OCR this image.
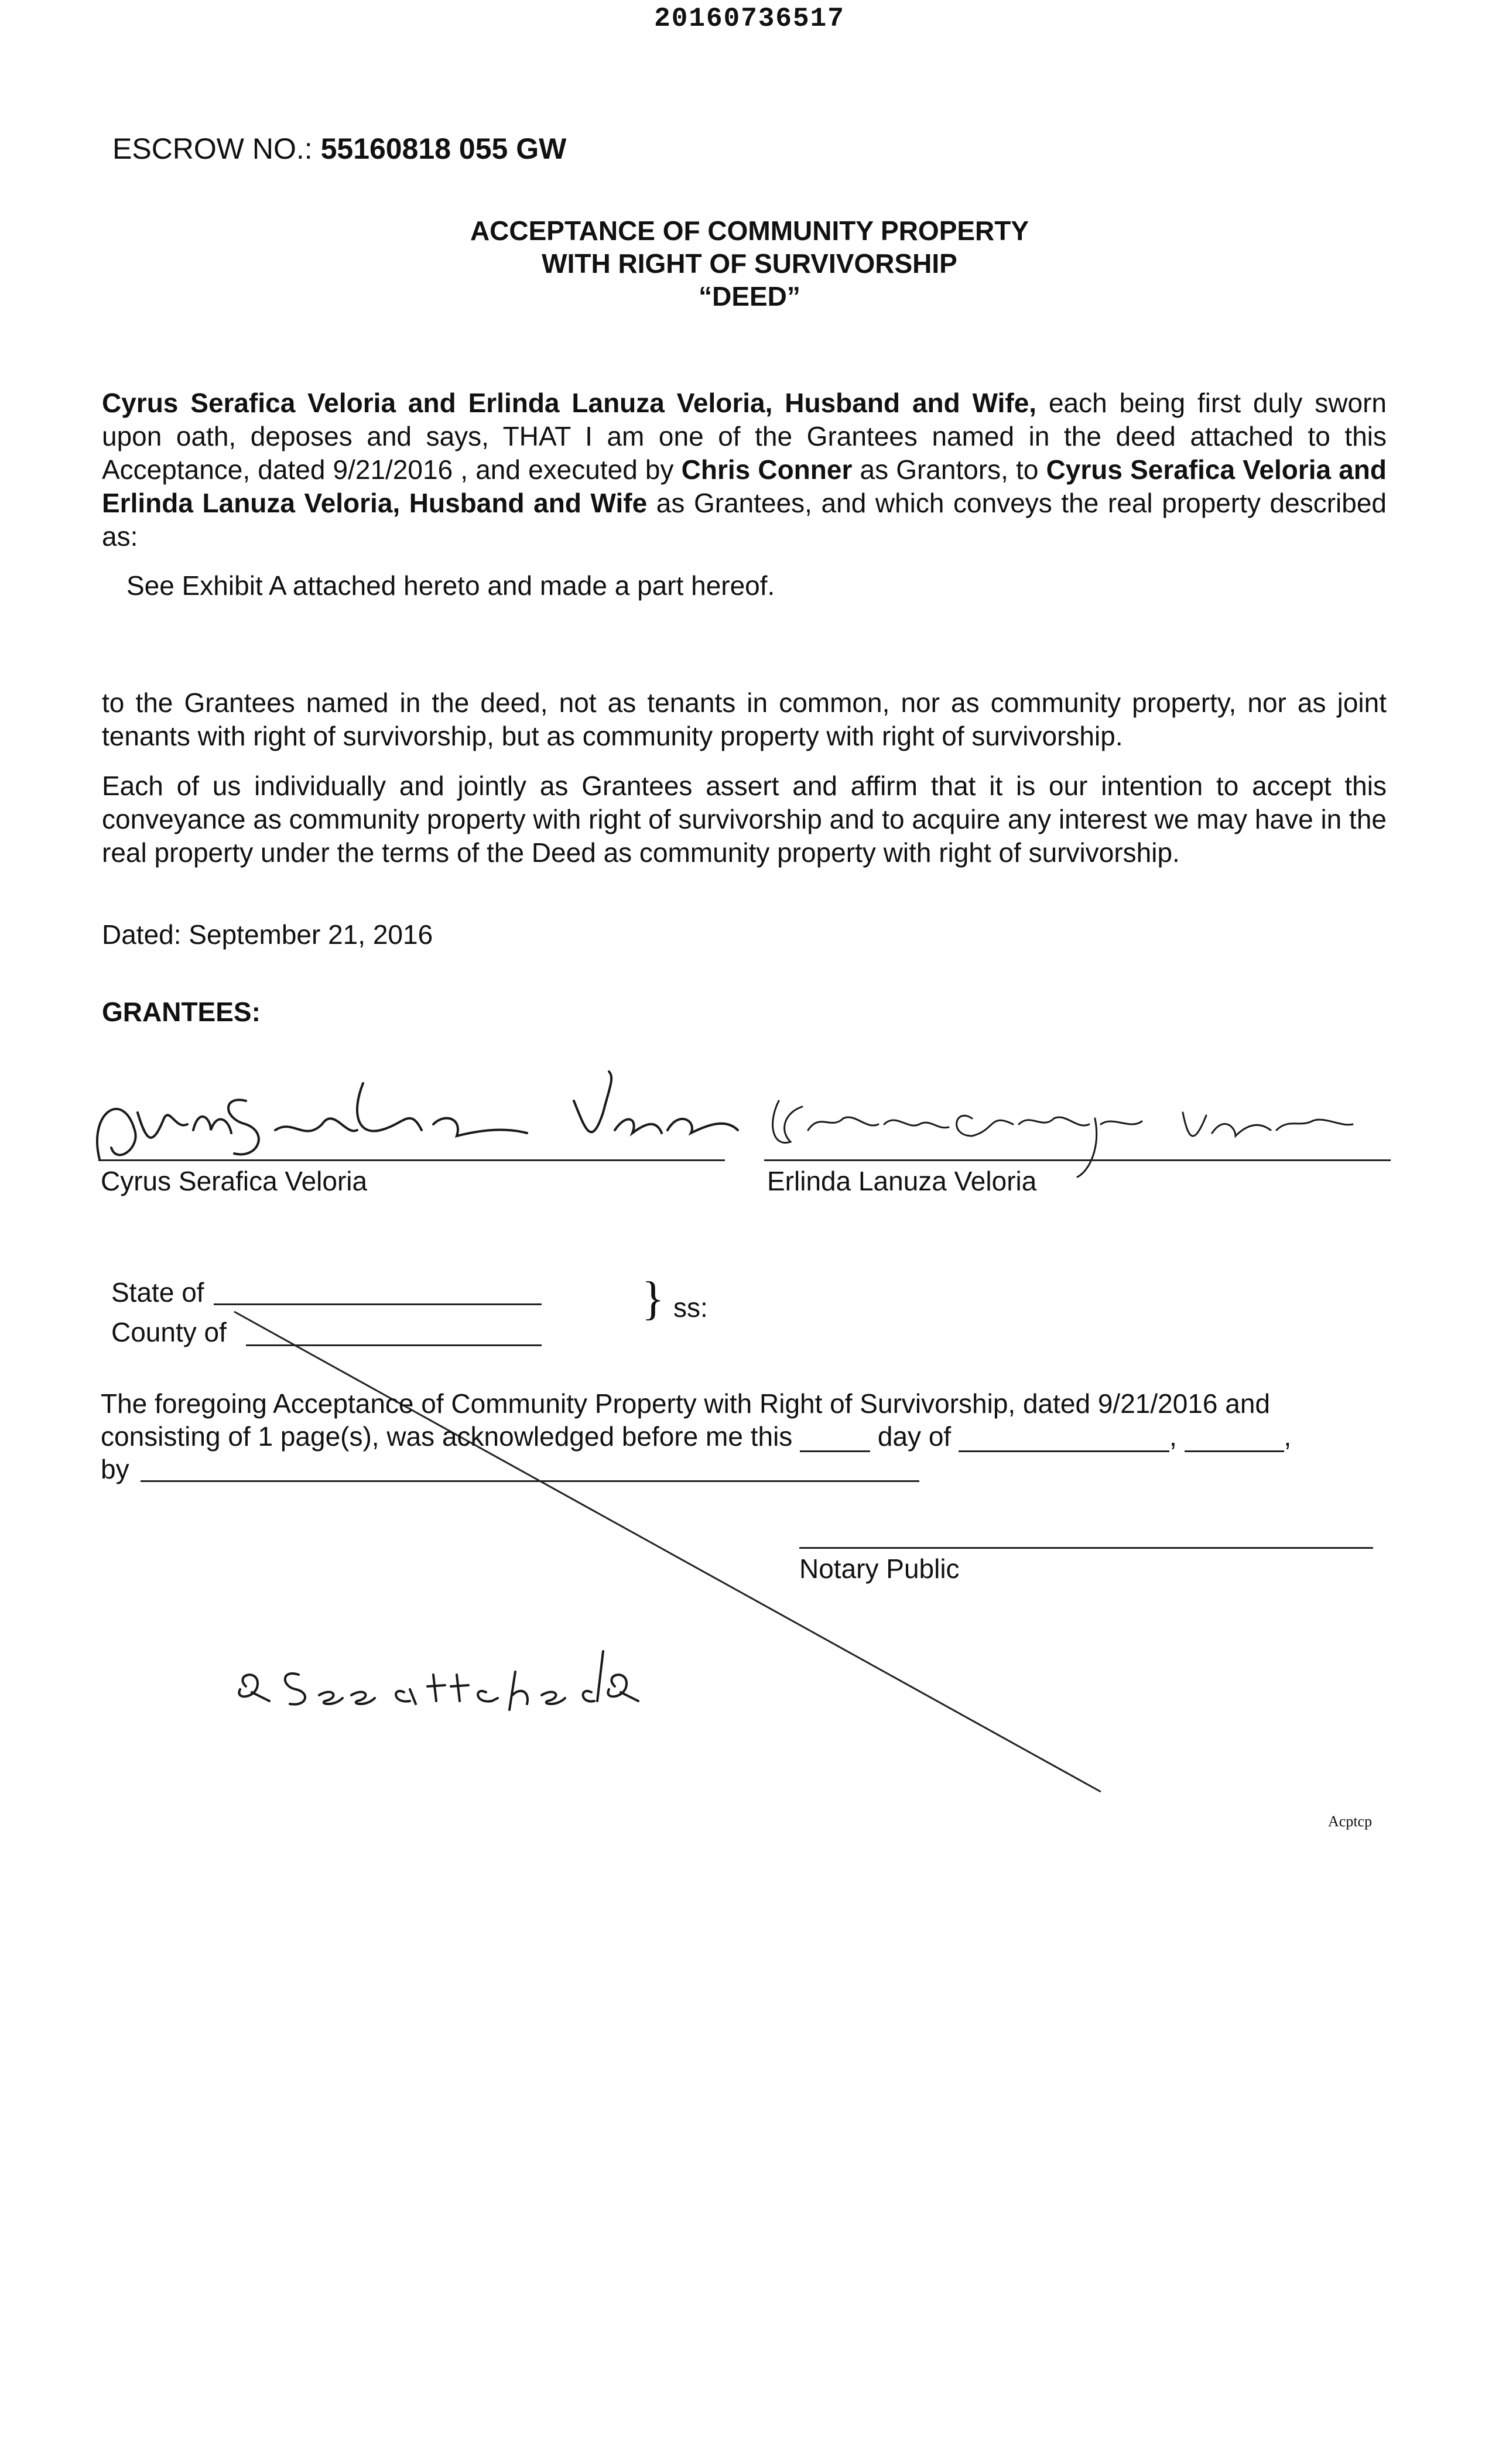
20160736517
ESCROW NO.: 55160818 055 GW
ACCEPTANCE OF COMMUNITY PROPERTY
WITH RIGHT OF SURVIVORSHIP
“DEED”
Cyrus Serafica Veloria and Erlinda Lanuza Veloria, Husband and Wife, each being first duly sworn upon oath, deposes and says, THAT I am one of the Grantees named in the deed attached to this Acceptance, dated 9/21/2016 , and executed by Chris Conner as Grantors, to Cyrus Serafica Veloria and Erlinda Lanuza Veloria, Husband and Wife as Grantees, and which conveys the real property described as:
See Exhibit A attached hereto and made a part hereof.
to the Grantees named in the deed, not as tenants in common, nor as community property, nor as joint tenants with right of survivorship, but as community property with right of survivorship.
Each of us individually and jointly as Grantees assert and affirm that it is our intention to accept this conveyance as community property with right of survivorship and to acquire any interest we may have in the real property under the terms of the Deed as community property with right of survivorship.
Dated: September 21, 2016
GRANTEES:
Cyrus Serafica Veloria	Erlinda Lanuza Veloria
State of
County of
} ss:
The foregoing Acceptance of Community Property with Right of Survivorship, dated 9/21/2016 and
consisting of 1 page(s), was acknowledged before me this	day of	,	,
by
Notary Public
Acptcp
